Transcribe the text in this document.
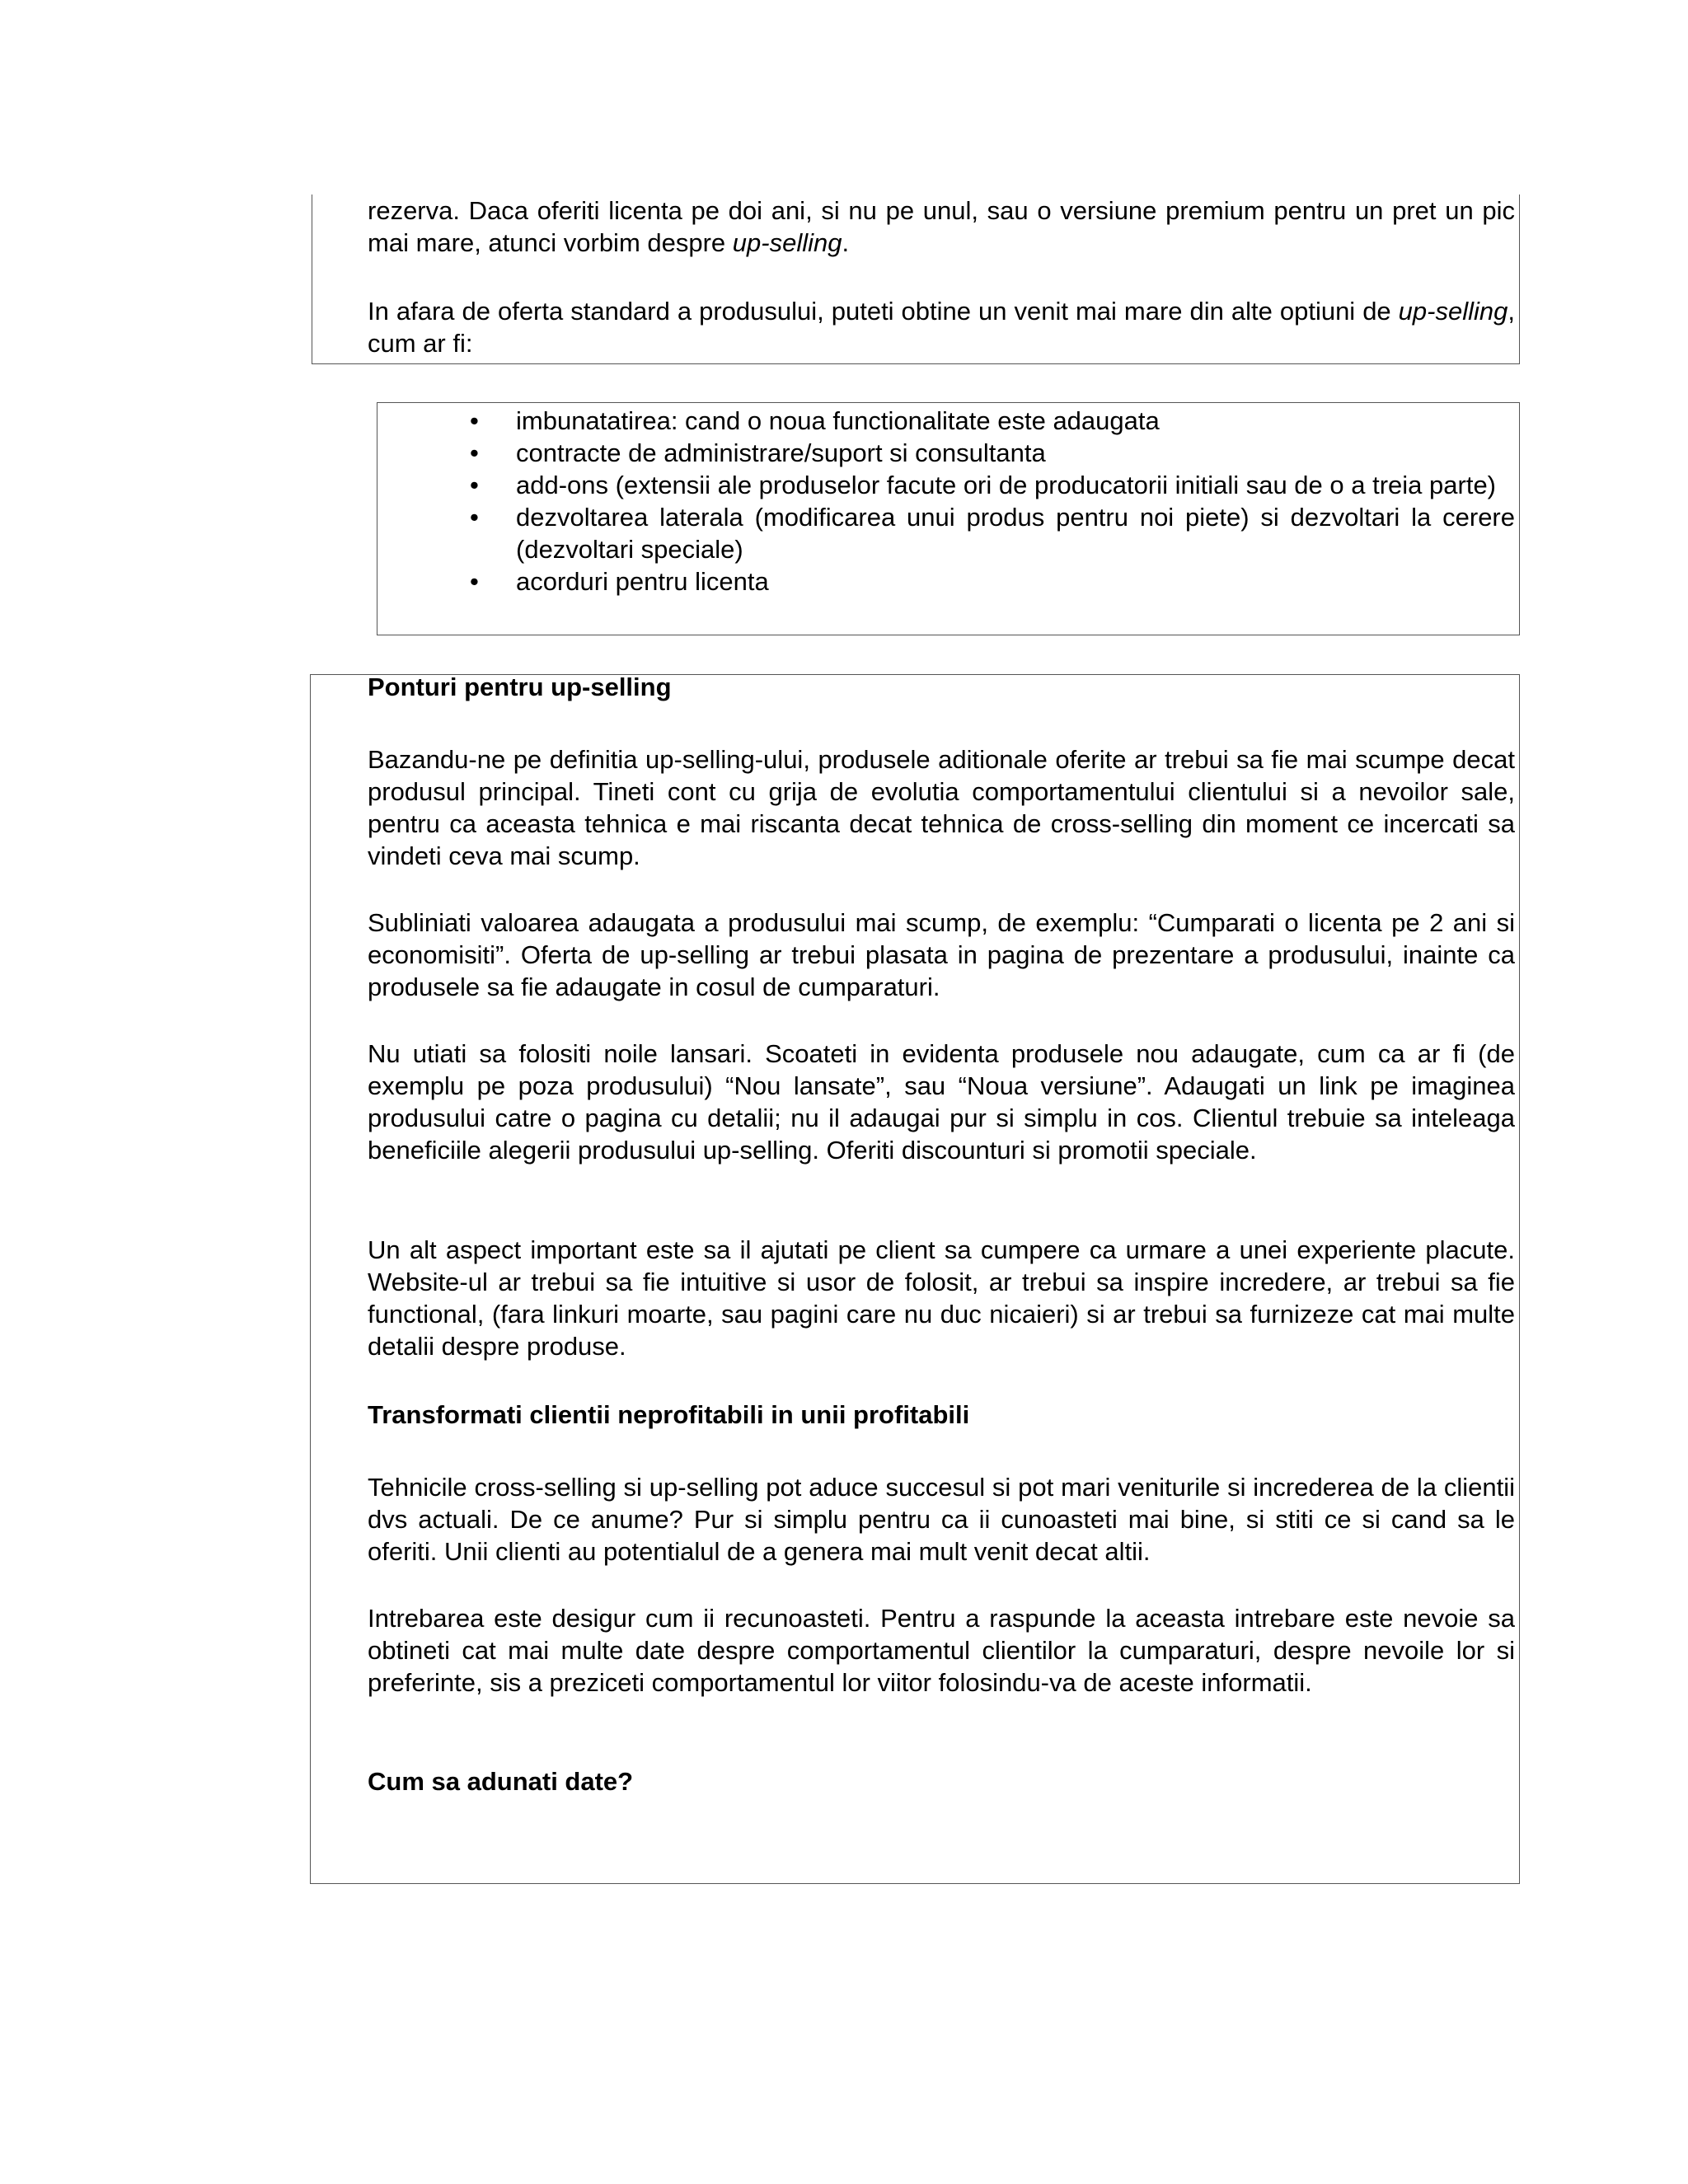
rezerva. Daca oferiti licenta pe doi ani, si nu pe unul, sau o versiune premium pentru un pret un pic mai mare, atunci vorbim despre up-selling.

In afara de oferta standard a produsului, puteti obtine un venit mai mare din alte optiuni de up-selling, cum ar fi:

• imbunatatirea: cand o noua functionalitate este adaugata
• contracte de administrare/suport si consultanta
• add-ons (extensii ale produselor facute ori de producatorii initiali sau de o a treia parte)
• dezvoltarea laterala (modificarea unui produs pentru noi piete) si dezvoltari la cerere (dezvoltari speciale)
• acorduri pentru licenta

Ponturi pentru up-selling

Bazandu-ne pe definitia up-selling-ului, produsele aditionale oferite ar trebui sa fie mai scumpe decat produsul principal. Tineti cont cu grija de evolutia comportamentului clientului si a nevoilor sale, pentru ca aceasta tehnica e mai riscanta decat tehnica de cross-selling din moment ce incercati sa vindeti ceva mai scump.

Subliniati valoarea adaugata a produsului mai scump, de exemplu: “Cumparati o licenta pe 2 ani si economisiti”. Oferta de up-selling ar trebui plasata in pagina de prezentare a produsului, inainte ca produsele sa fie adaugate in cosul de cumparaturi.

Nu utiati sa folositi noile lansari. Scoateti in evidenta produsele nou adaugate, cum ca ar fi (de exemplu pe poza produsului) “Nou lansate”, sau “Noua versiune”. Adaugati un link pe imaginea produsului catre o pagina cu detalii; nu il adaugai pur si simplu in cos. Clientul trebuie sa inteleaga beneficiile alegerii produsului up-selling. Oferiti discounturi si promotii speciale.

Un alt aspect important este sa il ajutati pe client sa cumpere ca urmare a unei experiente placute. Website-ul ar trebui sa fie intuitive si usor de folosit, ar trebui sa inspire incredere, ar trebui sa fie functional, (fara linkuri moarte, sau pagini care nu duc nicaieri) si ar trebui sa furnizeze cat mai multe detalii despre produse.

Transformati clientii neprofitabili in unii profitabili

Tehnicile cross-selling si up-selling pot aduce succesul si pot mari veniturile si increderea de la clientii dvs actuali. De ce anume? Pur si simplu pentru ca ii cunoasteti mai bine, si stiti ce si cand sa le oferiti. Unii clienti au potentialul de a genera mai mult venit decat altii.

Intrebarea este desigur cum ii recunoasteti. Pentru a raspunde la aceasta intrebare este nevoie sa obtineti cat mai multe date despre comportamentul clientilor la cumparaturi, despre nevoile lor si preferinte, sis a preziceti comportamentul lor viitor folosindu-va de aceste informatii.

Cum sa adunati date?
